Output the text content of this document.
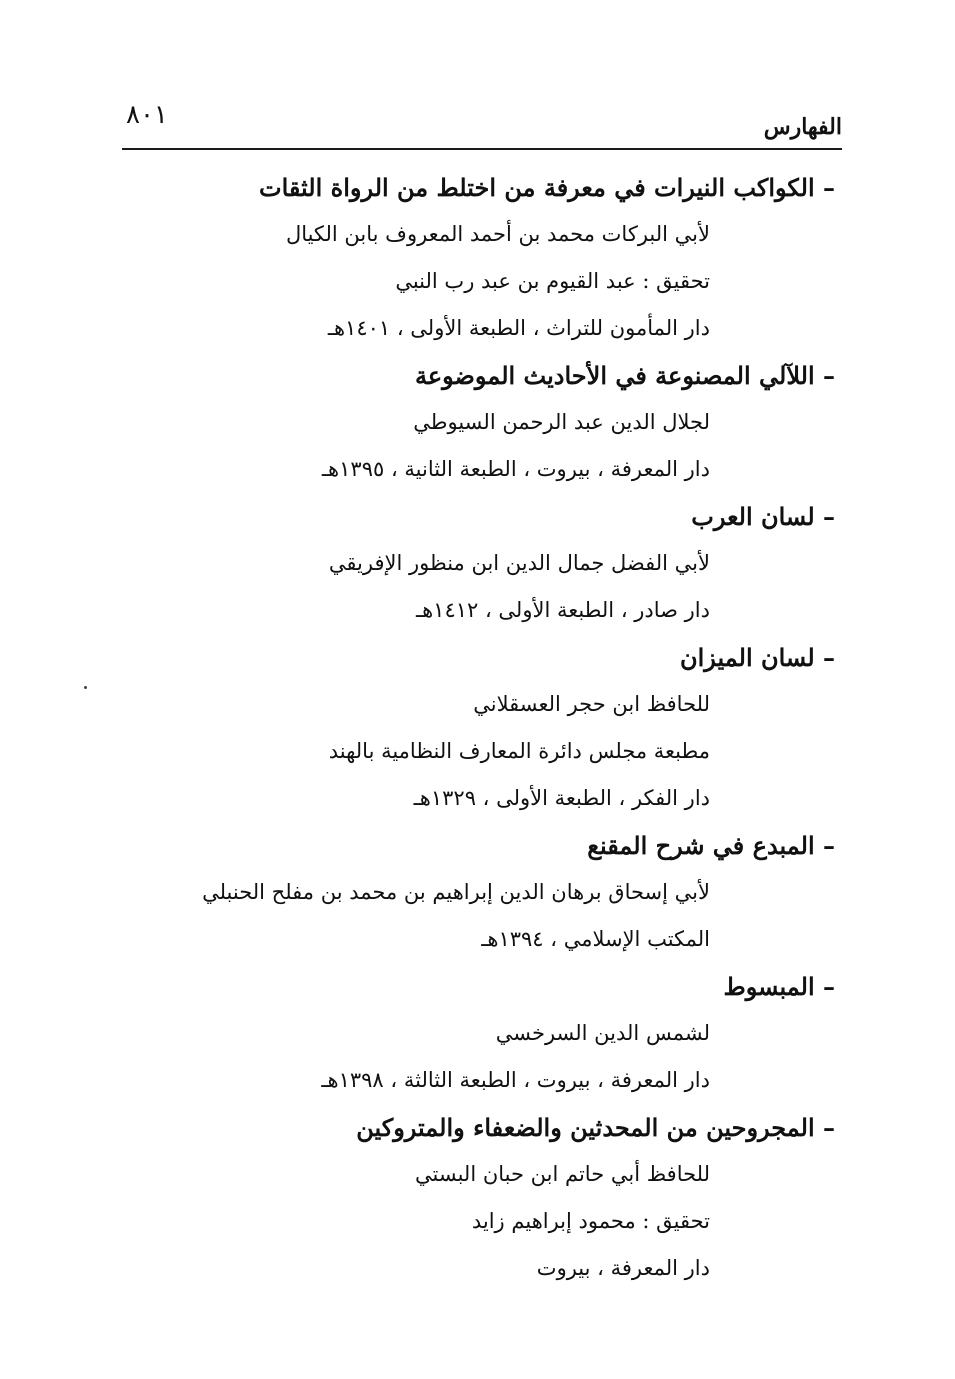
الفهارس
٨٠١
– الكواكب النيرات في معرفة من اختلط من الرواة الثقات
لأبي البركات محمد بن أحمد المعروف بابن الكيال
تحقيق : عبد القيوم بن عبد رب النبي
دار المأمون للتراث ، الطبعة الأولى ، ١٤٠١هـ
– اللآلي المصنوعة في الأحاديث الموضوعة
لجلال الدين عبد الرحمن السيوطي
دار المعرفة ، بيروت ، الطبعة الثانية ، ١٣٩٥هـ
– لسان العرب
لأبي الفضل جمال الدين ابن منظور الإفريقي
دار صادر ، الطبعة الأولى ، ١٤١٢هـ
– لسان الميزان
للحافظ ابن حجر العسقلاني
مطبعة مجلس دائرة المعارف النظامية بالهند
دار الفكر ، الطبعة الأولى ، ١٣٢٩هـ
– المبدع في شرح المقنع
لأبي إسحاق برهان الدين إبراهيم بن محمد بن مفلح الحنبلي
المكتب الإسلامي ، ١٣٩٤هـ
– المبسوط
لشمس الدين السرخسي
دار المعرفة ، بيروت ، الطبعة الثالثة ، ١٣٩٨هـ
– المجروحين من المحدثين والضعفاء والمتروكين
للحافظ أبي حاتم ابن حبان البستي
تحقيق : محمود إبراهيم زايد
دار المعرفة ، بيروت
